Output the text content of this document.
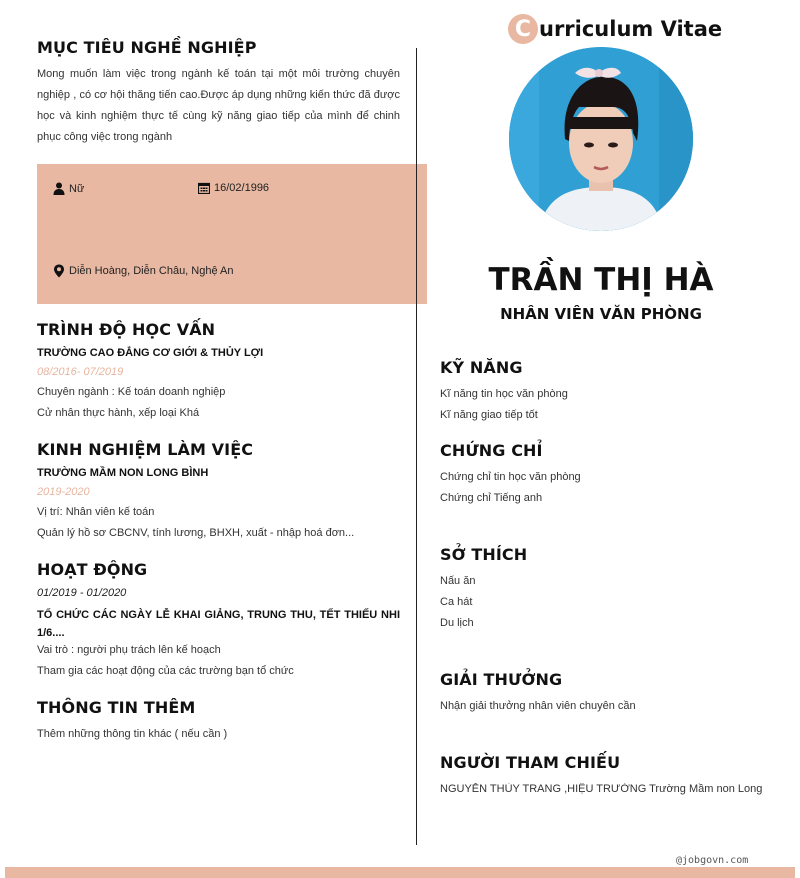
C urriculum Vitae
MỤC TIÊU NGHỀ NGHIỆP
Mong muốn làm việc trong ngành kế toán tại một môi trường chuyên nghiệp , có cơ hội thăng tiến cao.Được áp dụng những kiến thức đã được học và kinh nghiệm thực tế cùng kỹ năng giao tiếp của mình để chinh phục công việc trong ngành
Nữ	16/02/1996
Diễn Hoàng, Diễn Châu, Nghệ An
TRÌNH ĐỘ HỌC VẤN
TRƯỜNG CAO ĐẲNG CƠ GIỚI & THỦY LỢI
08/2016- 07/2019
Chuyên ngành : Kế toán doanh nghiệp
Cử nhân thực hành, xếp loại Khá
KINH NGHIỆM LÀM VIỆC
TRƯỜNG MẦM NON LONG BÌNH
2019-2020
Vị trí: Nhân viên kế toán
Quản lý hồ sơ CBCNV, tính lương, BHXH, xuất - nhập hoá đơn...
HOẠT ĐỘNG
01/2019 - 01/2020
TỔ CHỨC CÁC NGÀY LỄ KHAI GIẢNG, TRUNG THU, TẾT THIẾU NHI 1/6....
Vai trò : người phụ trách lên kế hoạch
Tham gia các hoạt động của các trường bạn tổ chức
THÔNG TIN THÊM
Thêm những thông tin khác ( nếu cần )
TRẦN THỊ HÀ
NHÂN VIÊN VĂN PHÒNG
KỸ NĂNG
Kĩ năng tin học văn phòng
Kĩ năng giao tiếp tốt
CHỨNG CHỈ
Chứng chỉ tin học văn phòng
Chứng chỉ Tiếng anh
SỞ THÍCH
Nấu ăn
Ca hát
Du lịch
GIẢI THƯỞNG
Nhận giải thưởng nhân viên chuyên cần
NGƯỜI THAM CHIẾU
NGUYỄN THÙY TRANG ,HIỆU TRƯỞNG Trường Mầm non Long
@jobgovn.com
